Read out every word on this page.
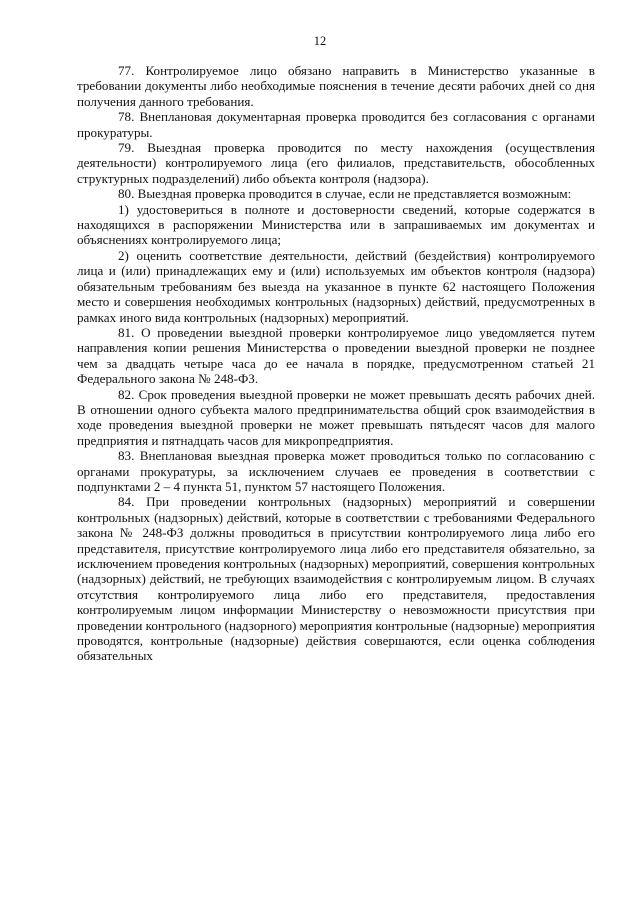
12

77. Контролируемое лицо обязано направить в Министерство указанные в требовании документы либо необходимые пояснения в течение десяти рабочих дней со дня получения данного требования.

78. Внеплановая документарная проверка проводится без согласования с органами прокуратуры.

79. Выездная проверка проводится по месту нахождения (осуществления деятельности) контролируемого лица (его филиалов, представительств, обособленных структурных подразделений) либо объекта контроля (надзора).

80. Выездная проверка проводится в случае, если не представляется возможным:

1) удостовериться в полноте и достоверности сведений, которые содержатся в находящихся в распоряжении Министерства или в запрашиваемых им документах и объяснениях контролируемого лица;

2) оценить соответствие деятельности, действий (бездействия) контролируемого лица и (или) принадлежащих ему и (или) используемых им объектов контроля (надзора) обязательным требованиям без выезда на указанное в пункте 62 настоящего Положения место и совершения необходимых контрольных (надзорных) действий, предусмотренных в рамках иного вида контрольных (надзорных) мероприятий.

81. О проведении выездной проверки контролируемое лицо уведомляется путем направления копии решения Министерства о проведении выездной проверки не позднее чем за двадцать четыре часа до ее начала в порядке, предусмотренном статьей 21 Федерального закона № 248-ФЗ.

82. Срок проведения выездной проверки не может превышать десять рабочих дней. В отношении одного субъекта малого предпринимательства общий срок взаимодействия в ходе проведения выездной проверки не может превышать пятьдесят часов для малого предприятия и пятнадцать часов для микропредприятия.

83. Внеплановая выездная проверка может проводиться только по согласованию с органами прокуратуры, за исключением случаев ее проведения в соответствии с подпунктами 2 – 4 пункта 51, пунктом 57 настоящего Положения.

84. При проведении контрольных (надзорных) мероприятий и совершении контрольных (надзорных) действий, которые в соответствии с требованиями Федерального закона № 248-ФЗ должны проводиться в присутствии контролируемого лица либо его представителя, присутствие контролируемого лица либо его представителя обязательно, за исключением проведения контрольных (надзорных) мероприятий, совершения контрольных (надзорных) действий, не требующих взаимодействия с контролируемым лицом. В случаях отсутствия контролируемого лица либо его представителя, предоставления контролируемым лицом информации Министерству о невозможности присутствия при проведении контрольного (надзорного) мероприятия контрольные (надзорные) мероприятия проводятся, контрольные (надзорные) действия совершаются, если оценка соблюдения обязательных
